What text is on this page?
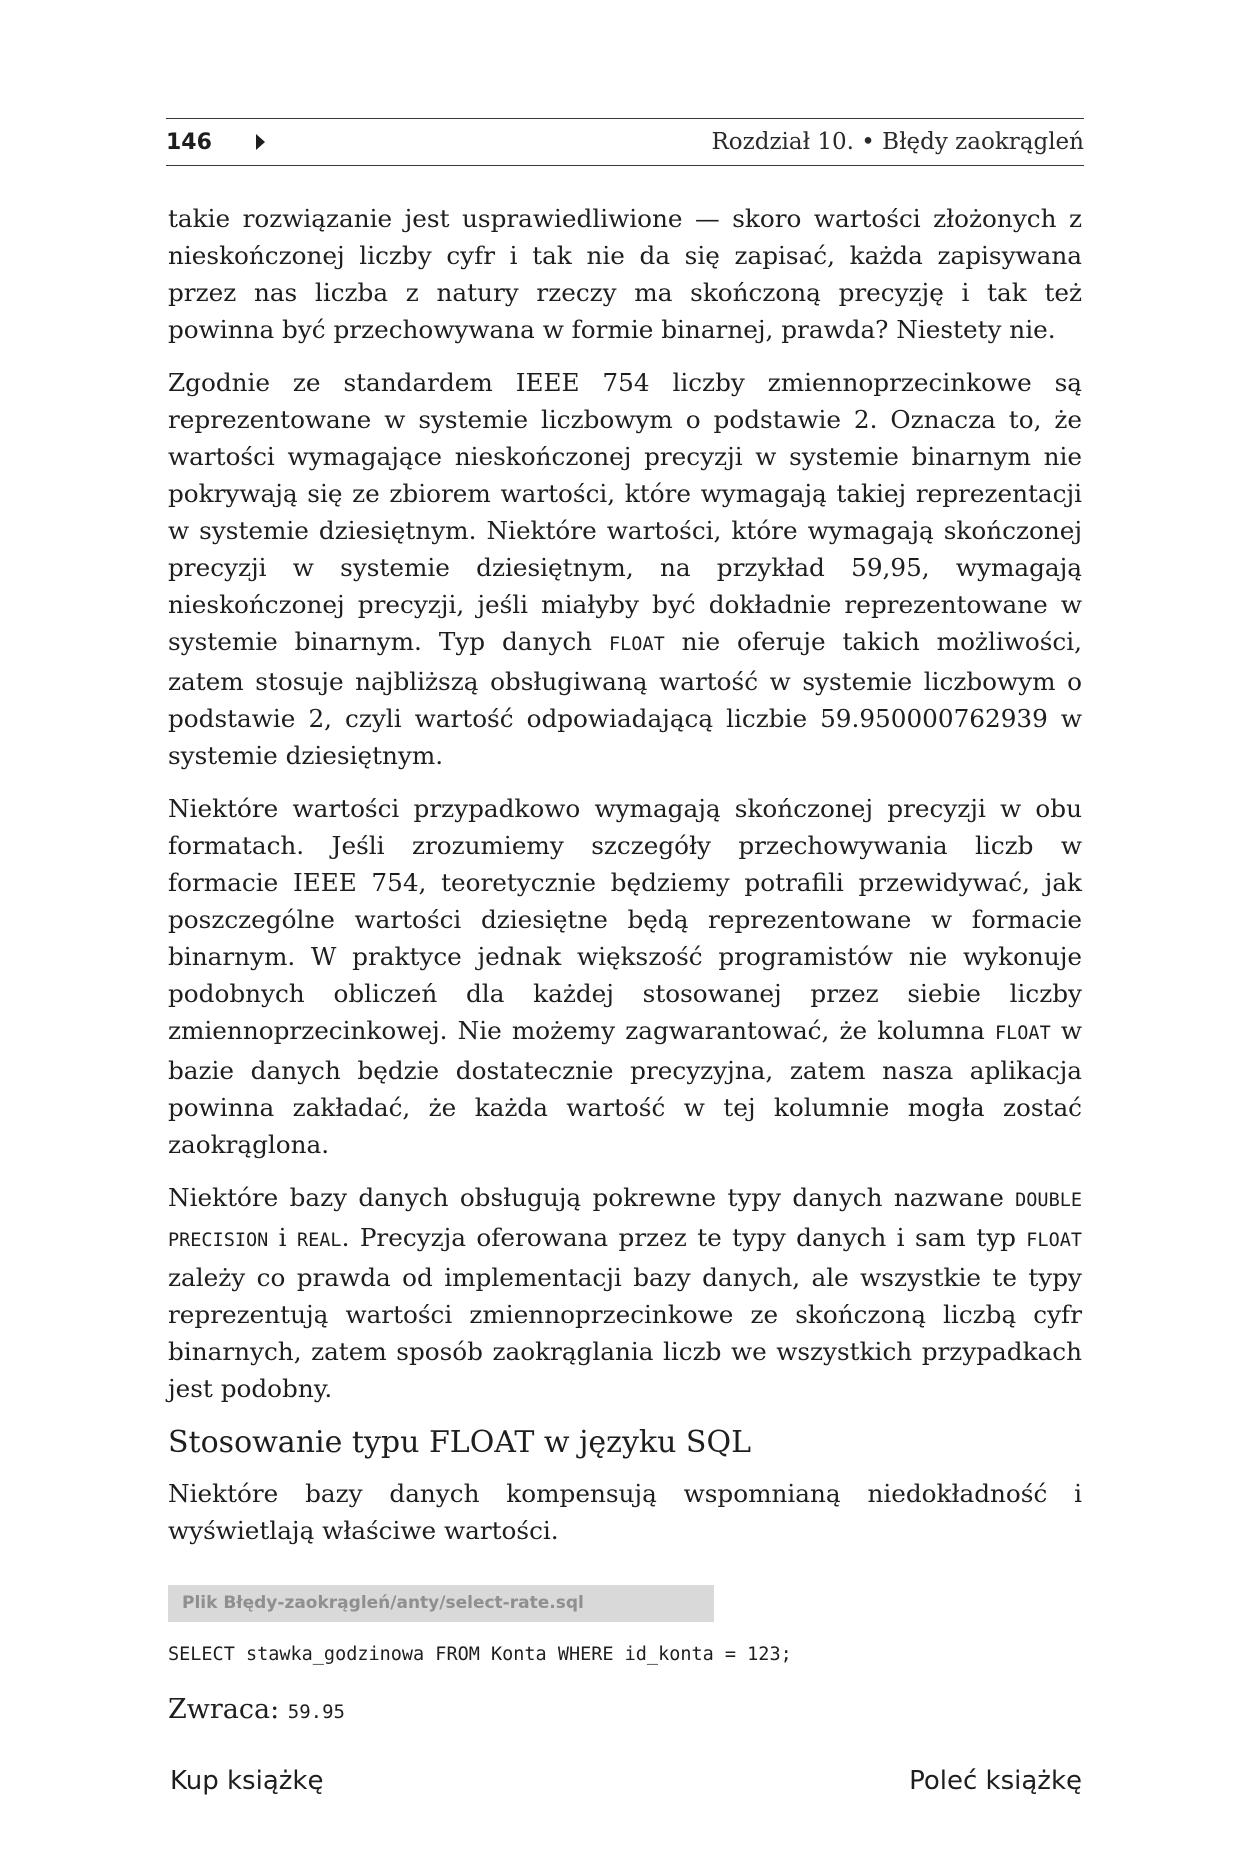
146	Rozdział 10. • Błędy zaokrągleń

takie rozwiązanie jest usprawiedliwione — skoro wartości złożonych z nieskończonej liczby cyfr i tak nie da się zapisać, każda zapisywana przez nas liczba z natury rzeczy ma skończoną precyzję i tak też powinna być przechowywana w formie binarnej, prawda? Niestety nie.

Zgodnie ze standardem IEEE 754 liczby zmiennoprzecinkowe są reprezentowane w systemie liczbowym o podstawie 2. Oznacza to, że wartości wymagające nieskończonej precyzji w systemie binarnym nie pokrywają się ze zbiorem wartości, które wymagają takiej reprezentacji w systemie dziesiętnym. Niektóre wartości, które wymagają skończonej precyzji w systemie dziesiętnym, na przykład 59,95, wymagają nieskończonej precyzji, jeśli miałyby być dokładnie reprezentowane w systemie binarnym. Typ danych FLOAT nie oferuje takich możliwości, zatem stosuje najbliższą obsługiwaną wartość w systemie liczbowym o podstawie 2, czyli wartość odpowiadającą liczbie 59.950000762939 w systemie dziesiętnym.

Niektóre wartości przypadkowo wymagają skończonej precyzji w obu formatach. Jeśli zrozumiemy szczegóły przechowywania liczb w formacie IEEE 754, teoretycznie będziemy potrafili przewidywać, jak poszczególne wartości dziesiętne będą reprezentowane w formacie binarnym. W praktyce jednak większość programistów nie wykonuje podobnych obliczeń dla każdej stosowanej przez siebie liczby zmiennoprzecinkowej. Nie możemy zagwarantować, że kolumna FLOAT w bazie danych będzie dostatecznie precyzyjna, zatem nasza aplikacja powinna zakładać, że każda wartość w tej kolumnie mogła zostać zaokrąglona.

Niektóre bazy danych obsługują pokrewne typy danych nazwane DOUBLE PRECISION i REAL. Precyzja oferowana przez te typy danych i sam typ FLOAT zależy co prawda od implementacji bazy danych, ale wszystkie te typy reprezentują wartości zmiennoprzecinkowe ze skończoną liczbą cyfr binarnych, zatem sposób zaokrąglania liczb we wszystkich przypadkach jest podobny.

Stosowanie typu FLOAT w języku SQL

Niektóre bazy danych kompensują wspomnianą niedokładność i wyświetlają właściwe wartości.

Plik Błędy-zaokrągleń/anty/select-rate.sql
SELECT stawka_godzinowa FROM Konta WHERE id_konta = 123;
Zwraca: 59.95
Kup książkę	Poleć książkę
